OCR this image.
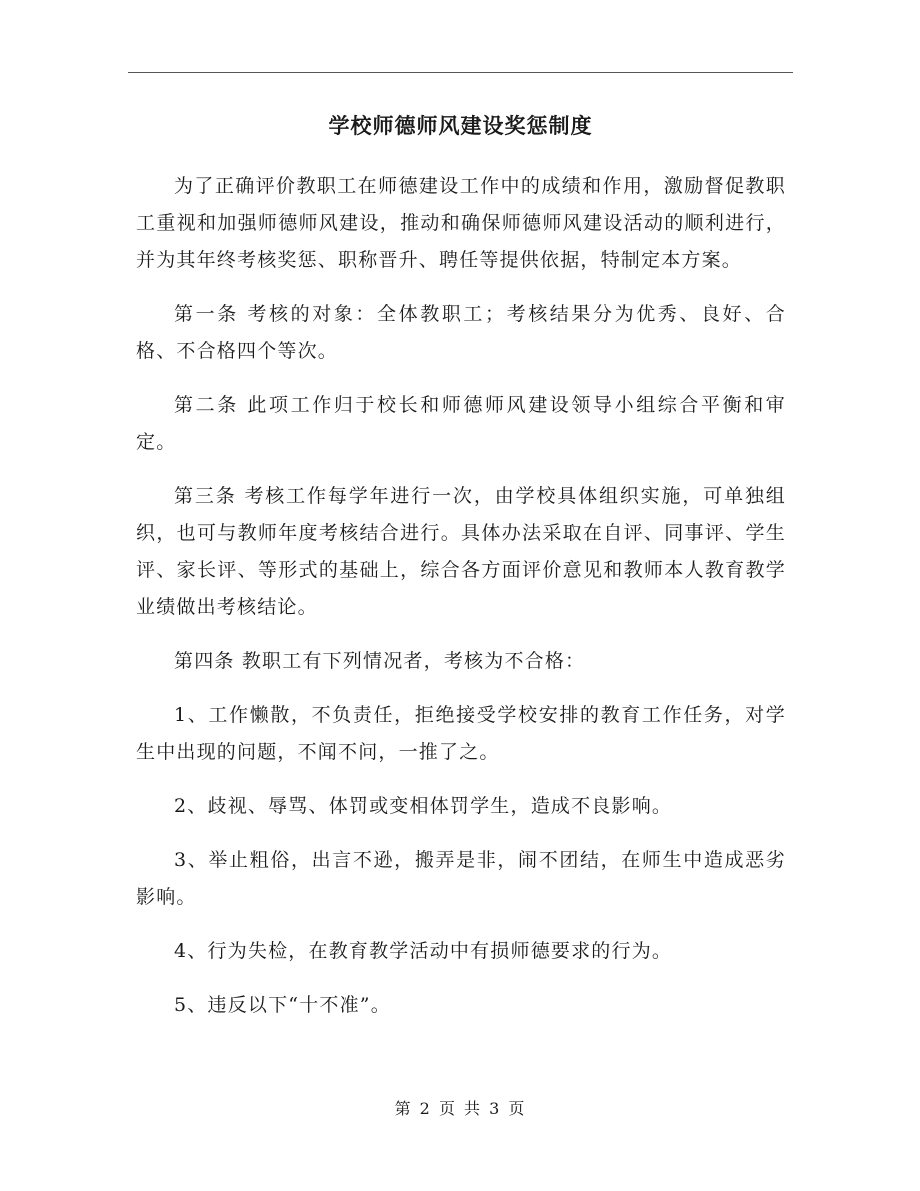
学校师德师风建设奖惩制度

为了正确评价教职工在师德建设工作中的成绩和作用，激励督促教职工重视和加强师德师风建设，推动和确保师德师风建设活动的顺利进行，并为其年终考核奖惩、职称晋升、聘任等提供依据，特制定本方案。

第一条 考核的对象：全体教职工；考核结果分为优秀、良好、合格、不合格四个等次。

第二条 此项工作归于校长和师德师风建设领导小组综合平衡和审定。

第三条 考核工作每学年进行一次，由学校具体组织实施，可单独组织，也可与教师年度考核结合进行。具体办法采取在自评、同事评、学生评、家长评、等形式的基础上，综合各方面评价意见和教师本人教育教学业绩做出考核结论。

第四条 教职工有下列情况者，考核为不合格：

1、工作懒散，不负责任，拒绝接受学校安排的教育工作任务，对学生中出现的问题，不闻不问，一推了之。

2、歧视、辱骂、体罚或变相体罚学生，造成不良影响。

3、举止粗俗，出言不逊，搬弄是非，闹不团结，在师生中造成恶劣影响。

4、行为失检，在教育教学活动中有损师德要求的行为。

5、违反以下“十不准”。

第 2 页 共 3 页
